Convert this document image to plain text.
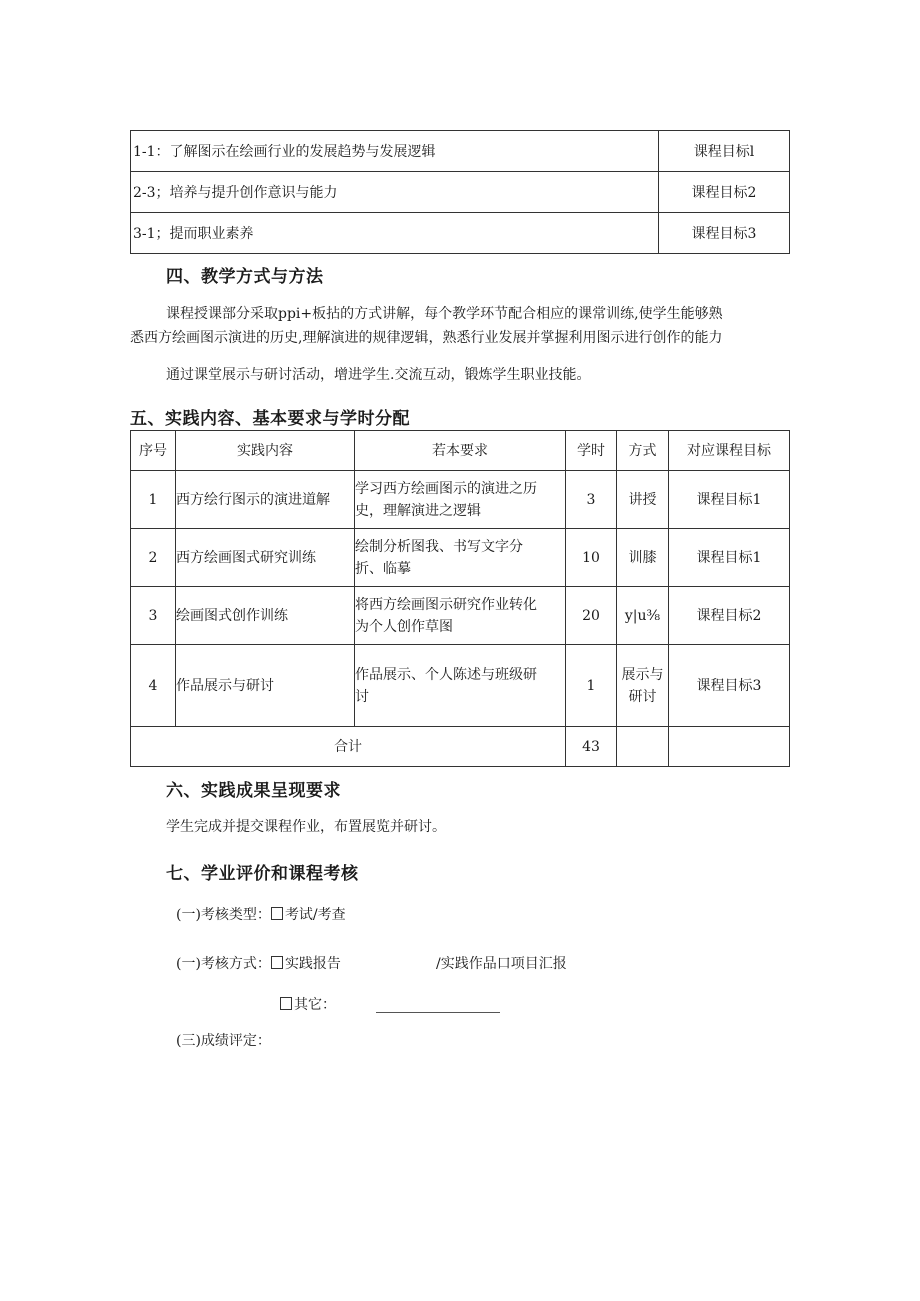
1-1：了解图示在绘画行业的发展趋势与发展逻辑	课程目标l
2-3；培养与提升创作意识与能力	课程目标2
3-1；提而职业素养	课程目标3
四、教学方式与方法
课程授课部分采取ppi+板拈的方式讲解，每个教学环节配合相应的课常训练,使学生能够熟
悉西方绘画图示演进的历史,理解演进的规律逻辑，熟悉行业发展并掌握利用图示进行创作的能力
通过课堂展示与研讨活动，增进学生.交流互动，锻炼学生职业技能。
五、实践内容、基本要求与学时分配
序号	实践内容	若本要求	学时	方式	对应课程目标
1	西方绘行图示的演进道解	学习西方绘画图示的演进之历
史，理解演进之逻辑	3	讲授	课程目标1
2	西方绘画图式研究训练	绘制分析图我、书写文字分
折、临摹	10	训膝	课程目标1
3	绘画图式创作训练	将西方绘画图示研究作业转化
为个人创作草图	20	y|u⅜	课程目标2
4	作品展示与研讨	作品展示、个人陈述与班级研
讨	1	展示与
研讨	课程目标3
合计			43		
六、实践成果呈现要求
学生完成并提交课程作业，布置展览并研讨。
七、学业评价和课程考核
(一)考核类型： 考试/考查
(一)考核方式： 实践报告	/实践作品口项目汇报
其它：
(三)成绩评定：
